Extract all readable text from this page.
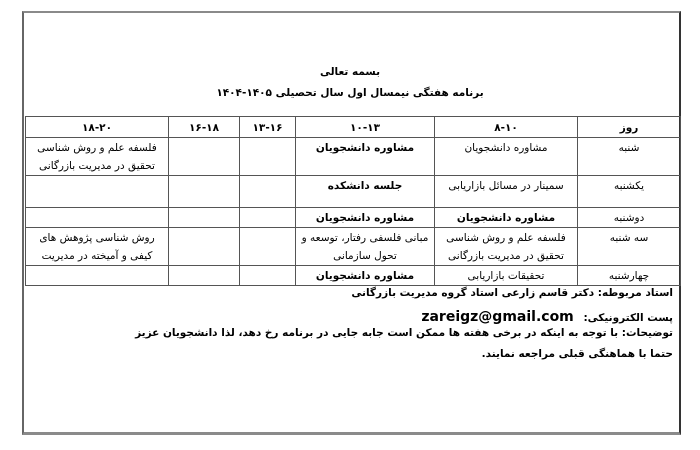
بسمه تعالی
برنامه هفتگی نیمسال اول سال تحصیلی ۱۴۰۵-۱۴۰۴
روز	۸-۱۰	۱۰-۱۳	۱۳-۱۶	۱۶-۱۸	۱۸-۲۰
شنبه	مشاوره دانشجویان	مشاوره دانشجویان			فلسفه علم و روش شناسی تحقیق در مدیریت بازرگانی
یکشنبه	سمینار در مسائل بازاریابی	جلسه دانشکده			
دوشنبه	مشاوره دانشجویان	مشاوره دانشجویان			
سه شنبه	فلسفه علم و روش شناسی تحقیق در مدیریت بازرگانی	مبانی فلسفی رفتار، توسعه و تحول سازمانی			روش شناسی پژوهش های کیفی و آمیخته در مدیریت
چهارشنبه	تحقیقات بازاریابی	مشاوره دانشجویان			
استاد مربوطه: دکتر قاسم زارعی استاد گروه مدیریت بازرگانی
پست الکترونیکی: zareigz@gmail.com
توضیحات: با توجه به اینکه در برخی هفته ها ممکن است جابه جایی در برنامه رخ دهد، لذا دانشجویان عزیز حتما با هماهنگی قبلی مراجعه نمایند.
